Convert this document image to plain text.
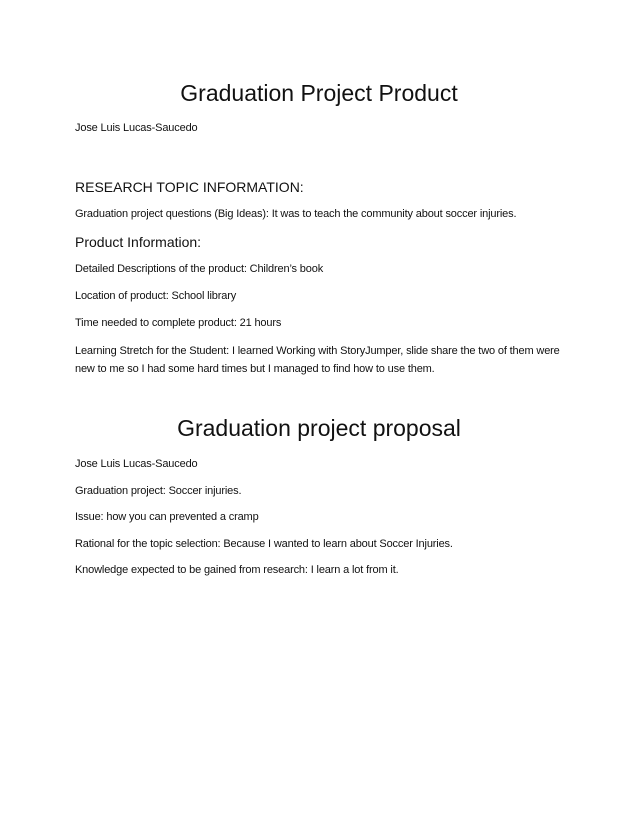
Graduation Project Product
Jose Luis Lucas-Saucedo
RESEARCH TOPIC INFORMATION:
Graduation project questions (Big Ideas): It was to teach the community about soccer injuries.
Product Information:
Detailed Descriptions of the product: Children’s book
Location of product: School library
Time needed to complete product: 21 hours
Learning Stretch for the Student: I learned Working with StoryJumper, slide share the two of them were new to me so I had some hard times but I managed to find how to use them.
Graduation project proposal
Jose Luis Lucas-Saucedo
Graduation project: Soccer injuries.
Issue: how you can prevented a cramp
Rational for the topic selection: Because I wanted to learn about Soccer Injuries.
Knowledge expected to be gained from research: I learn a lot from it.
